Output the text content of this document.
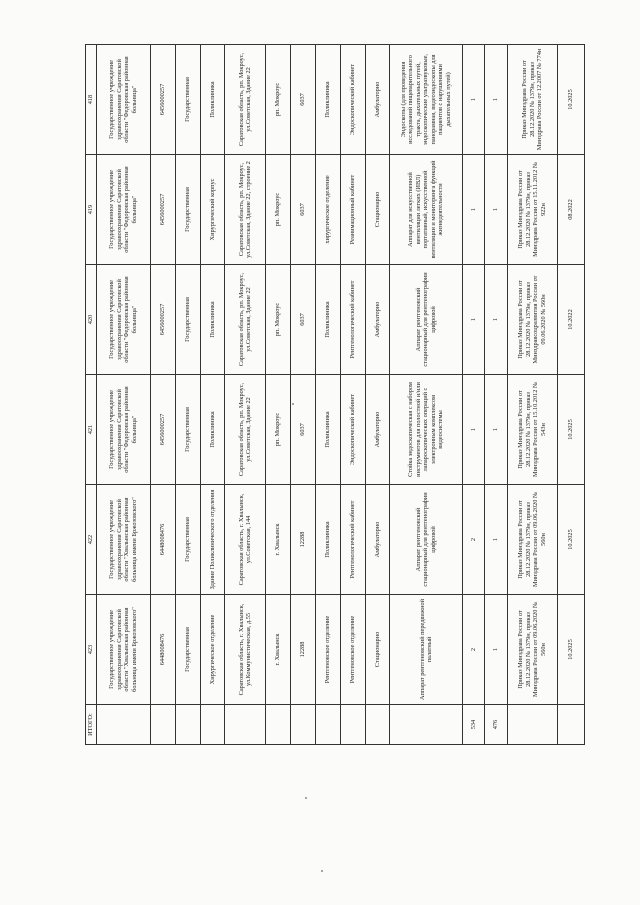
ИТОГО:	423	422	421	420	419	418
	Государственное учреждение здравоохранения Саратовской области "Хвалынская районная больница имени Бржозовского"	Государственное учреждение здравоохранения Саратовской области "Хвалынская районная больница имени Бржозовского"	Государственное учреждение здравоохранения Саратовской области "Федоровская районная больница"	Государственное учреждение здравоохранения Саратовской области "Федоровская районная больница"	Государственное учреждение здравоохранения Саратовской области "Федоровская районная больница"	Государственное учреждение здравоохранения Саратовской области "Федоровская районная больница"
	6448008476	6448008476	6456000257	6456000257	6456000257	6456000257
	Государственная	Государственная	Государственная	Государственная	Государственная	Государственная
	Хирургическое отделение	Здание Поликлинического отделения	Поликлиника	Поликлиника	Хирургический корпус	Поликлиника
	Саратовская область, г. Хвалынск, ул.Коммунистическая, д.55	Саратовская область, г. Хвалынск, ул.Советская, 144	Саратовская область, рп. Мокроус, ул.Советская, Здание 22	Саратовская область, рп. Мокроус, ул.Советская, Здание 22	Саратовская область, рп. Мокроус, ул.Советская, Здание 22, строение 2	Саратовская область, рп. Мокроус, ул.Советская, Здание 22
	г. Хвалынск	г. Хвалынск	рп. Мокроус	рп. Мокроус	рп. Мокроус	рп. Мокроус
	12288	12288	6037	6037	6037	6037
	Рентгеновское отделение	Поликлиника	Поликлиника	Поликлиника	хирургическое отделение	Поликлиника
	Рентгеновское отделение	Рентгенологический кабинет	Эндоскопический кабинет	Рентгенологический кабинет	Реанимационный кабинет	Эндоскопический кабинет
	Стационарно	Амбулаторно	Амбулаторно	Амбулаторно	Стационарно	Амбулаторно
	Аппарат рентгеновский передвижной палатный	Аппарат рентгеновский стационарный для рентгенографии цифровой	Стойка эндоскопическая с набором инструментов для полостной и/или лапароскопических операций с электронным комплексом видеосистемы	Аппарат рентгеновский стационарный для рентгенографии цифровой	Аппарат для искусственной вентиляции легких (ИВЛ) портативный, искусственной вентиляции и мониторинга функций жизнедеятельности	Эндоскопы (для проведения исследований пищеварительного тракта, дыхательных путей, эндоскопические ультразвуковые, панорамная, видеоэндоскопы для пациентов с нарушениями дыхательных путей)
534	2	2	1	1	1	1
476	1	1	1	1	1	1
	Приказ Минздрава России от 28.12.2020 № 1379н, приказ Минздрава России от 09.06.2020 № 560н	Приказ Минздрава России от 28.12.2020 № 1379н, приказ Минздрава России от 09.06.2020 № 560н	Приказ Минздрава России от 28.12.2020 № 1379н, приказ Минздрава России от 15.10.2012 № 543н	Приказ Минздрава России от 28.12.2020 № 1379н, приказ Минздравсоцразвития России от 09.06.2020 № 560н	Приказ Минздрава России от 28.12.2020 № 1379н, приказ Минздрава России от 15.11.2012 № 922н	Приказ Минздрава России от 28.12.2020 № 1379н, приказ Минздрава России от 12.2007 № 774н
	10.2025	10.2025	10.2025	10.2022	08.2022	10.2025
